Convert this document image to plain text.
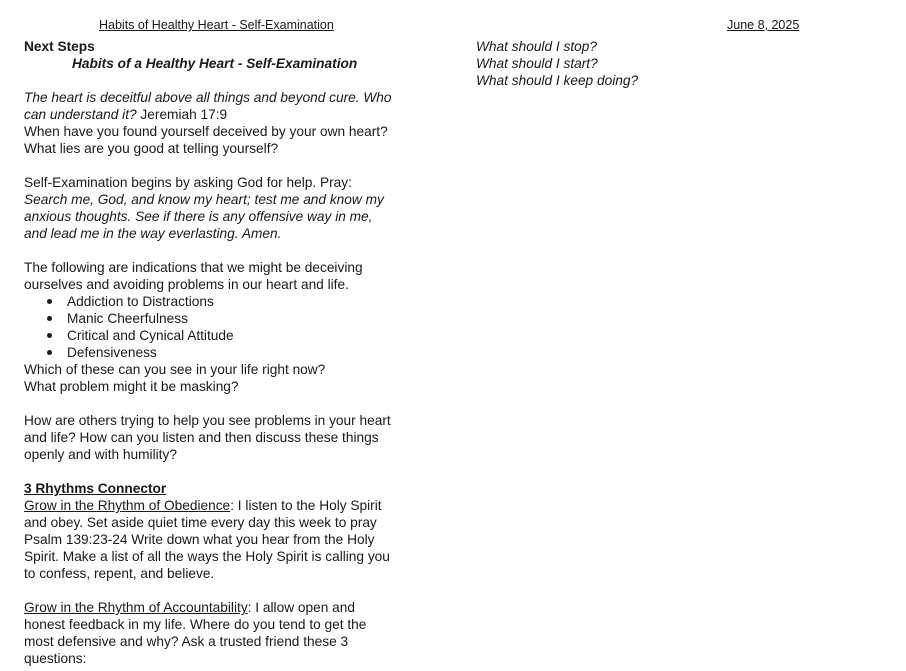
Habits of Healthy Heart - Self-Examination	June 8, 2025
Next Steps
Habits of a Healthy Heart - Self-Examination
The heart is deceitful above all things and beyond cure. Who
can understand it? Jeremiah 17:9
When have you found yourself deceived by your own heart?
What lies are you good at telling yourself?
Self-Examination begins by asking God for help. Pray:
Search me, God, and know my heart; test me and know my
anxious thoughts. See if there is any offensive way in me,
and lead me in the way everlasting. Amen.
The following are indications that we might be deceiving
ourselves and avoiding problems in our heart and life.
Addiction to Distractions
Manic Cheerfulness
Critical and Cynical Attitude
Defensiveness
Which of these can you see in your life right now?
What problem might it be masking?
How are others trying to help you see problems in your heart
and life? How can you listen and then discuss these things
openly and with humility?
3 Rhythms Connector
Grow in the Rhythm of Obedience: I listen to the Holy Spirit
and obey. Set aside quiet time every day this week to pray
Psalm 139:23-24 Write down what you hear from the Holy
Spirit. Make a list of all the ways the Holy Spirit is calling you
to confess, repent, and believe.
Grow in the Rhythm of Accountability: I allow open and
honest feedback in my life. Where do you tend to get the
most defensive and why? Ask a trusted friend these 3
questions:
What should I stop?
What should I start?
What should I keep doing?
